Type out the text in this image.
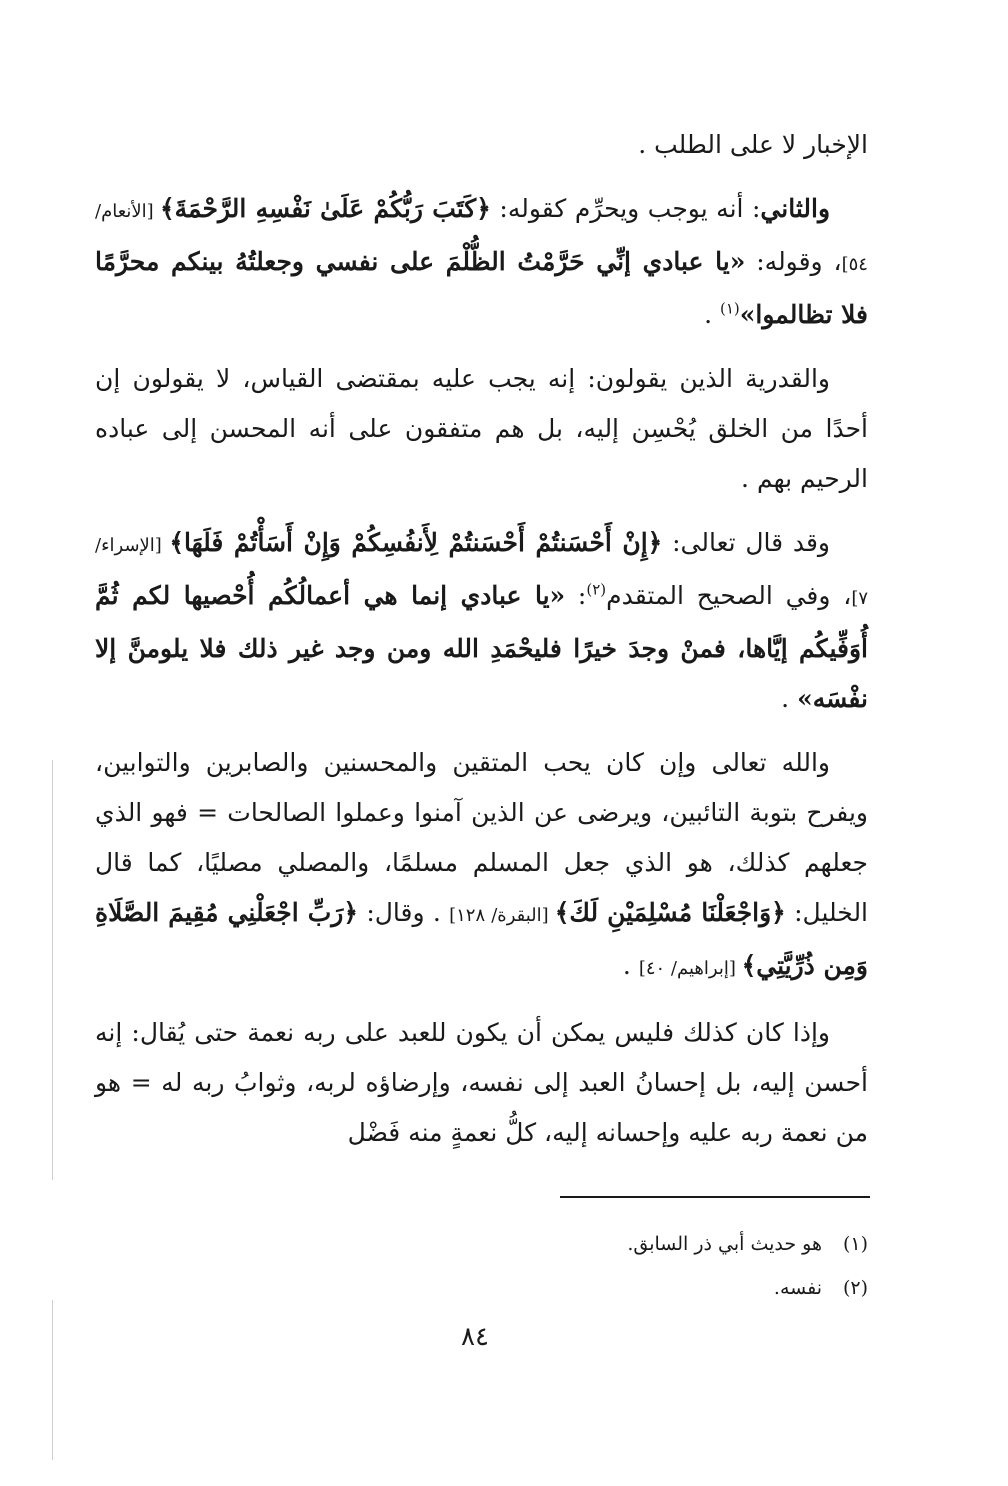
الإخبار لا على الطلب .

والثاني: أنه يوجب ويحرِّم كقوله: ﴿كَتَبَ رَبُّكُمْ عَلَىٰ نَفْسِهِ الرَّحْمَةَ﴾ [الأنعام/ ٥٤]، وقوله: «يا عبادي إنِّي حَرَّمْتُ الظُّلْمَ على نفسي وجعلتُهُ بينكم محرَّمًا فلا تظالموا»$^{(١)}$ .

والقدرية الذين يقولون: إنه يجب عليه بمقتضى القياس، لا يقولون إن أحدًا من الخلق يُحْسِن إليه، بل هم متفقون على أنه المحسن إلى عباده الرحيم بهم .

وقد قال تعالى: ﴿إِنْ أَحْسَنتُمْ أَحْسَنتُمْ لِأَنفُسِكُمْ وَإِنْ أَسَأْتُمْ فَلَهَا﴾ [الإسراء/ ٧]، وفي الصحيح المتقدم$^{(٢)}$: «يا عبادي إنما هي أعمالُكُم أُحْصيها لكم ثُمَّ أُوَفِّيكُم إيَّاها، فمنْ وجدَ خيرًا فليحْمَدِ الله ومن وجد غير ذلك فلا يلومنَّ إلا نفْسَه» .

والله تعالى وإن كان يحب المتقين والمحسنين والصابرين والتوابين، ويفرح بتوبة التائبين، ويرضى عن الذين آمنوا وعملوا الصالحات = فهو الذي جعلهم كذلك، هو الذي جعل المسلم مسلمًا، والمصلي مصليًا، كما قال الخليل: ﴿وَاجْعَلْنَا مُسْلِمَيْنِ لَكَ﴾ [البقرة/ ١٢٨] . وقال: ﴿رَبِّ اجْعَلْنِي مُقِيمَ الصَّلَاةِ وَمِن ذُرِّيَّتِي﴾ [إبراهيم/ ٤٠] .

وإذا كان كذلك فليس يمكن أن يكون للعبد على ربه نعمة حتى يُقال: إنه أحسن إليه، بل إحسانُ العبد إلى نفسه، وإرضاؤه لربه، وثوابُ ربه له = هو من نعمة ربه عليه وإحسانه إليه، كلُّ نعمةٍ منه فَضْل

(١)هو حديث أبي ذر السابق.

(٢)نفسه.

٨٤
